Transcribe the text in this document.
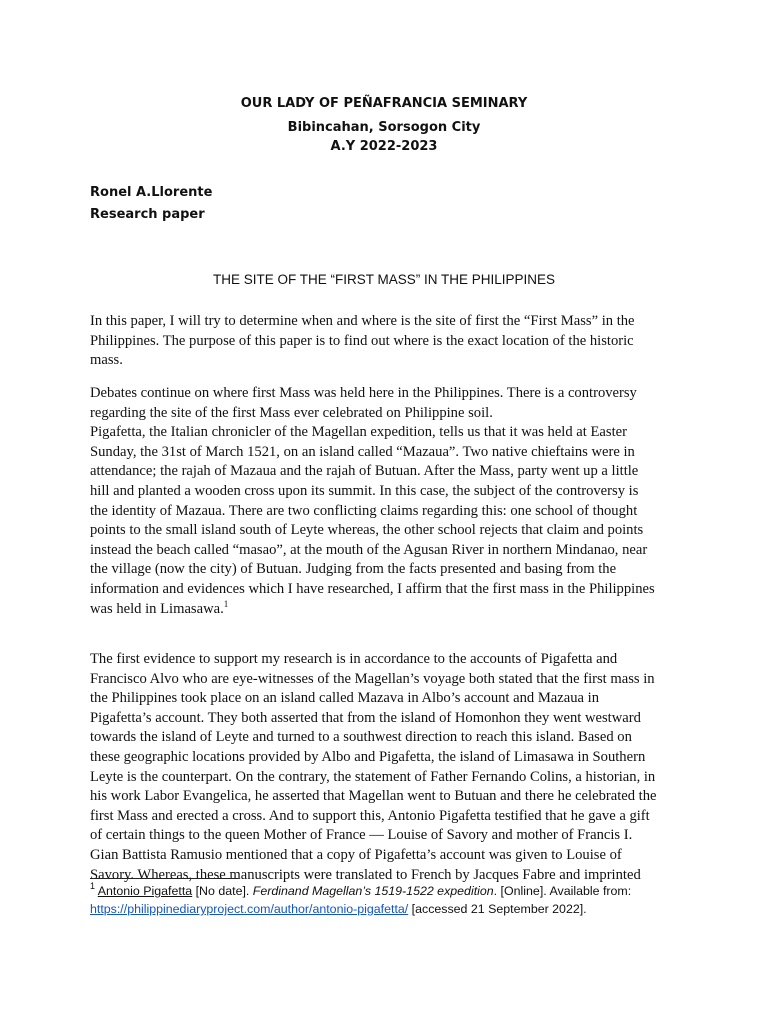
OUR LADY OF PEÑAFRANCIA SEMINARY
Bibincahan, Sorsogon City
A.Y 2022-2023
Ronel A.Llorente
Research paper
THE SITE OF THE “FIRST MASS” IN THE PHILIPPINES

In this paper, I will try to determine when and where is the site of first the “First Mass” in the
Philippines. The purpose of this paper is to find out where is the exact location of the historic
mass.

Debates continue on where first Mass was held here in the Philippines. There is a controversy
regarding the site of the first Mass ever celebrated on Philippine soil.
Pigafetta, the Italian chronicler of the Magellan expedition, tells us that it was held at Easter
Sunday, the 31st of March 1521, on an island called “Mazaua”. Two native chieftains were in
attendance; the rajah of Mazaua and the rajah of Butuan. After the Mass, party went up a little
hill and planted a wooden cross upon its summit. In this case, the subject of the controversy is
the identity of Mazaua. There are two conflicting claims regarding this: one school of thought
points to the small island south of Leyte whereas, the other school rejects that claim and points
instead the beach called “masao”, at the mouth of the Agusan River in northern Mindanao, near
the village (now the city) of Butuan. Judging from the facts presented and basing from the
information and evidences which I have researched, I affirm that the first mass in the Philippines
was held in Limasawa.$^1$

The first evidence to support my research is in accordance to the accounts of Pigafetta and
Francisco Alvo who are eye-witnesses of the Magellan’s voyage both stated that the first mass in
the Philippines took place on an island called Mazava in Albo’s account and Mazaua in
Pigafetta’s account. They both asserted that from the island of Homonhon they went westward
towards the island of Leyte and turned to a southwest direction to reach this island. Based on
these geographic locations provided by Albo and Pigafetta, the island of Limasawa in Southern
Leyte is the counterpart. On the contrary, the statement of Father Fernando Colins, a historian, in
his work Labor Evangelica, he asserted that Magellan went to Butuan and there he celebrated the
first Mass and erected a cross. And to support this, Antonio Pigafetta testified that he gave a gift
of certain things to the queen Mother of France — Louise of Savory and mother of Francis I.
Gian Battista Ramusio mentioned that a copy of Pigafetta’s account was given to Louise of
Savory. Whereas, these manuscripts were translated to French by Jacques Fabre and imprinted

$^1$ Antonio Pigafetta [No date]. Ferdinand Magellan’s 1519-1522 expedition. [Online]. Available from:
https://philippinediaryproject.com/author/antonio-pigafetta/ [accessed 21 September 2022].
